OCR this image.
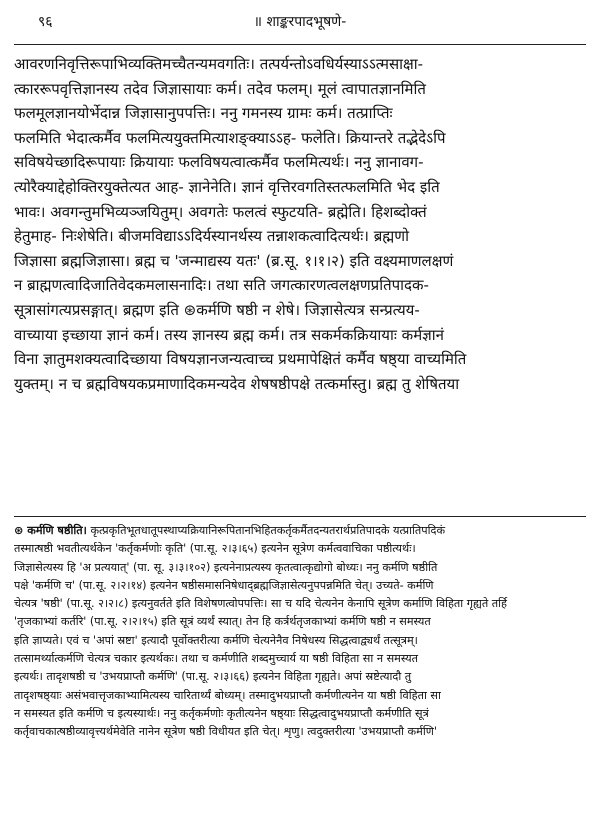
९६	॥ शाङ्करपादभूषणे-
आवरणनिवृत्तिरूपाभिव्यक्तिमच्चैतन्यमवगतिः। तत्पर्यन्तोऽवधिर्यस्याऽऽत्मसाक्षा-
त्काररूपवृत्तिज्ञानस्य तदेव जिज्ञासायाः कर्म। तदेव फलम्। मूलं त्वापातज्ञानमिति
फलमूलज्ञानयोर्भेदान्न जिज्ञासानुपपत्तिः। ननु गमनस्य ग्रामः कर्म। तत्प्राप्तिः
फलमिति भेदात्कर्मैव फलमित्ययुक्तमित्याशङ्क्याऽऽह- फलेति। क्रियान्तरे तद्भेदेऽपि
सविषयेच्छादिरूपायाः क्रियायाः फलविषयत्वात्कर्मैव फलमित्यर्थः। ननु ज्ञानावग-
त्योरैक्याद्देहोक्तिरयुक्तेत्यत आह- ज्ञानेनेति। ज्ञानं वृत्तिरवगतिस्तत्फलमिति भेद इति
भावः। अवगन्तुमभिव्यञ्जयितुम्। अवगतेः फलत्वं स्फुटयति- ब्रह्मेति। हिशब्दोक्तं
हेतुमाह- निःशेषेति। बीजमविद्याऽऽदिर्यस्यानर्थस्य तन्नाशकत्वादित्यर्थः। ब्रह्मणो
जिज्ञासा ब्रह्मजिज्ञासा। ब्रह्म च 'जन्माद्यस्य यतः' (ब्र.सू. १।१।२) इति वक्ष्यमाणलक्षणं
न ब्राह्मणत्वादिजातिवेदकमलासनादिः। तथा सति जगत्कारणत्वलक्षणप्रतिपादक-
सूत्रासांगत्यप्रसङ्गात्। ब्रह्मण इति ⊛कर्मणि षष्ठी न शेषे। जिज्ञासेत्यत्र सन्प्रत्यय-
वाच्याया इच्छाया ज्ञानं कर्म। तस्य ज्ञानस्य ब्रह्म कर्म। तत्र सकर्मकक्रियायाः कर्मज्ञानं
विना ज्ञातुमशक्यत्वादिच्छाया विषयज्ञानजन्यत्वाच्च प्रथमापेक्षितं कर्मैव षष्ठ्या वाच्यमिति
युक्तम्। न च ब्रह्मविषयकप्रमाणादिकमन्यदेव शेषषष्ठीपक्षे तत्कर्मास्तु। ब्रह्म तु शेषितया
⊛ कर्मणि षष्ठीति। कृत्प्रकृतिभूतधातूपस्थाप्यक्रियानिरूपितानभिहितकर्तृकर्मैतदन्यतरार्थप्रतिपादके यत्प्रातिपदिकं
तस्मात्षष्ठी भवतीत्यर्थकेन 'कर्तृकर्मणोः कृति' (पा.सू. २।३।६५) इत्यनेन सूत्रेण कर्मत्ववाचिका पष्ठीत्यर्थः।
जिज्ञासेत्यस्य हि 'अ प्रत्ययात्' (पा. सू. ३।३।१०२) इत्यनेनाप्रत्यस्य कृतत्वात्कृद्योगो बोध्यः। ननु कर्मणि षष्ठीति
पक्षे 'कर्मणि च' (पा.सू. २।२।१४) इत्यनेन षष्ठीसमासनिषेधाद्ब्रह्मजिज्ञासेत्यनुपपन्नमिति चेत्। उच्यते- कर्मणि
चेत्यत्र 'षष्ठी' (पा.सू. २।२।८) इत्यनुवर्तते इति विशेषणत्वोपपत्तिः। सा च यदि चेत्यनेन केनापि सूत्रेण कर्माणि विहिता गृह्यते तर्हि
'तृजकाभ्यां कर्तरि' (पा.सू. २।२।१५) इति सूत्रं व्यर्थं स्यात्। तेन हि कर्त्रर्थतृजकाभ्यां कर्मणि षष्ठी न समस्यत
इति ज्ञाप्यते। एवं च 'अपां स्रष्टा' इत्यादौ पूर्वोक्तरीत्या कर्मणि चेत्यनेनैव निषेधस्य सिद्धत्वाद्व्यर्थं तत्सूत्रम्।
तत्सामर्थ्यात्कर्मणि चेत्यत्र चकार इत्यर्थकः। तथा च कर्मणीति शब्दमुच्चार्य या षष्ठी विहिता सा न समस्यत
इत्यर्थः। तादृशषष्ठी च 'उभयप्राप्तौ कर्मणि' (पा.सू. २।३।६६) इत्यनेन विहिता गृह्यते। अपां स्रष्टेत्यादौ तु
तादृशषष्ठ्याः असंभवात्तृजकाभ्यामित्यस्य चारितार्थ्यं बोध्यम्। तस्मादुभयप्राप्तौ कर्मणीत्यनेन या षष्ठी विहिता सा
न समस्यत इति कर्मणि च इत्यस्यार्थः। ननु कर्तृकर्मणोः कृतीत्यनेन षष्ठ्याः सिद्धत्वादुभयप्राप्तौ कर्मणीति सूत्रं
कर्तृवाचकात्षष्ठीव्यावृत्त्यर्थमेवेति नानेन सूत्रेण षष्ठी विधीयत इति चेत्। शृणु। त्वदुक्तरीत्या 'उभयप्राप्तौ कर्मणि'
